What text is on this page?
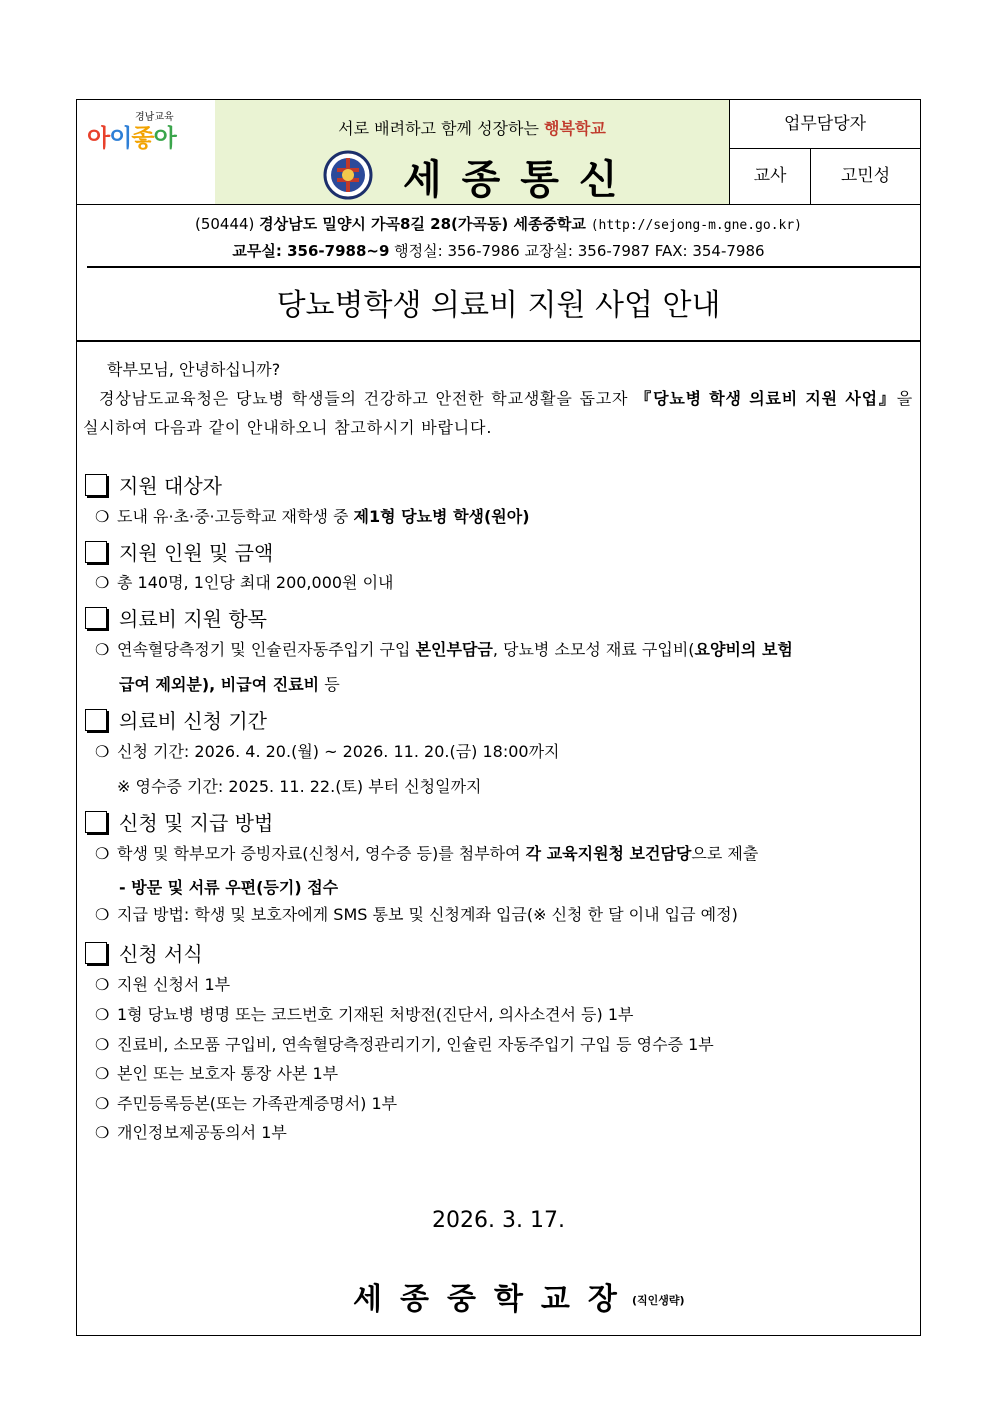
경남교육
아이좋아	서로 배려하고 함께 성장하는 행복학교
세종통신
업무담당자
교사	고민성
(50444) 경상남도 밀양시 가곡8길 28(가곡동) 세종중학교 (http://sejong-m.gne.go.kr)
교무실: 356-7988~9 행정실: 356-7986 교장실: 356-7987 FAX: 354-7986
당뇨병학생 의료비 지원 사업 안내
학부모님, 안녕하십니까?
경상남도교육청은 당뇨병 학생들의 건강하고 안전한 학교생활을 돕고자 『당뇨병 학생 의료비 지원 사업』을 실시하여 다음과 같이 안내하오니 참고하시기 바랍니다.
지원 대상자
❍ 도내 유·초·중·고등학교 재학생 중 제1형 당뇨병 학생(원아)
지원 인원 및 금액
❍ 총 140명, 1인당 최대 200,000원 이내
의료비 지원 항목
❍ 연속혈당측정기 및 인슐린자동주입기 구입 본인부담금, 당뇨병 소모성 재료 구입비(요양비의 보험
급여 제외분), 비급여 진료비 등
의료비 신청 기간
❍ 신청 기간: 2026. 4. 20.(월) ~ 2026. 11. 20.(금) 18:00까지
※ 영수증 기간: 2025. 11. 22.(토) 부터 신청일까지
신청 및 지급 방법
❍ 학생 및 학부모가 증빙자료(신청서, 영수증 등)를 첨부하여 각 교육지원청 보건담당으로 제출
- 방문 및 서류 우편(등기) 접수
❍ 지급 방법: 학생 및 보호자에게 SMS 통보 및 신청계좌 입금(※ 신청 한 달 이내 입금 예정)
신청 서식
❍ 지원 신청서 1부
❍ 1형 당뇨병 병명 또는 코드번호 기재된 처방전(진단서, 의사소견서 등) 1부
❍ 진료비, 소모품 구입비, 연속혈당측정관리기기, 인슐린 자동주입기 구입 등 영수증 1부
❍ 본인 또는 보호자 통장 사본 1부
❍ 주민등록등본(또는 가족관계증명서) 1부
❍ 개인정보제공동의서 1부
2026. 3. 17.
세종중학교장
(직인생략)
